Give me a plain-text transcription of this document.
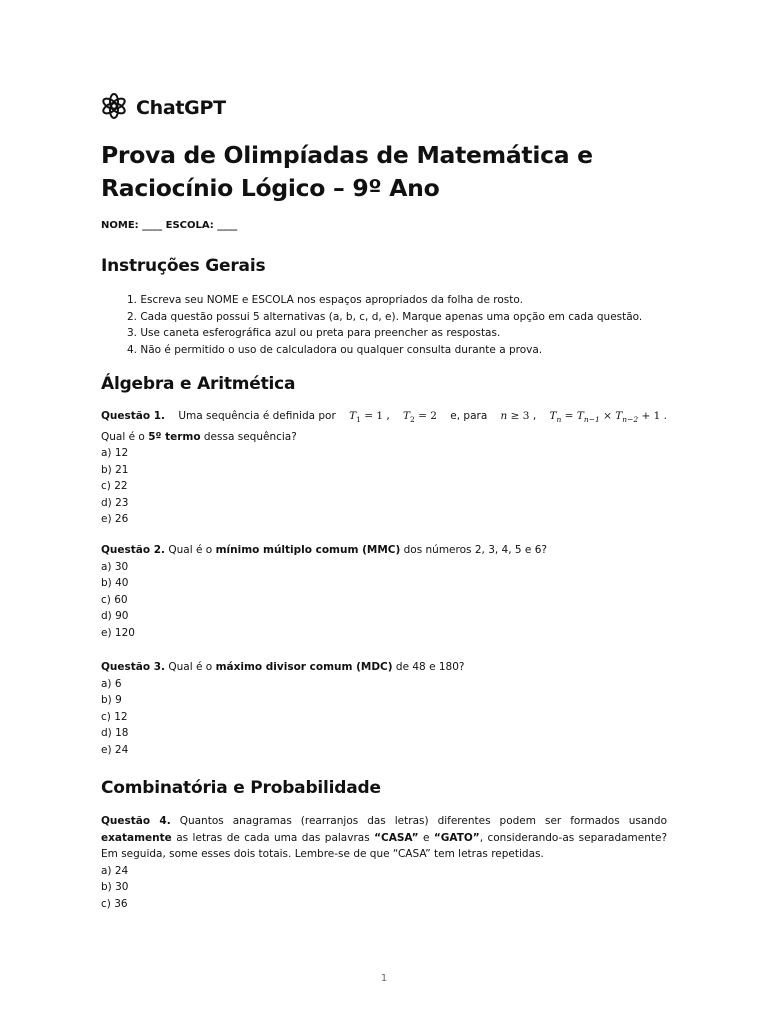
ChatGPT
Prova de Olimpíadas de Matemática e Raciocínio Lógico – 9º Ano
NOME: ____ ESCOLA: ____
Instruções Gerais
1. Escreva seu NOME e ESCOLA nos espaços apropriados da folha de rosto.
2. Cada questão possui 5 alternativas (a, b, c, d, e). Marque apenas uma opção em cada questão.
3. Use caneta esferográfica azul ou preta para preencher as respostas.
4. Não é permitido o uso de calculadora ou qualquer consulta durante a prova.
Álgebra e Aritmética

Questão 1. Uma sequência é definida por $T_1 = 1$ , $T_2 = 2$ e, para n ≥ 3 , $T_n = T_{n-1} \times T_{n-2} + 1$ .

Qual é o 5º termo dessa sequência?

a) 12
b) 21
c) 22
d) 23
e) 26

Questão 2. Qual é o mínimo múltiplo comum (MMC) dos números 2, 3, 4, 5 e 6?

a) 30
b) 40
c) 60
d) 90
e) 120

Questão 3. Qual é o máximo divisor comum (MDC) de 48 e 180?

a) 6
b) 9
c) 12
d) 18
e) 24
Combinatória e Probabilidade

Questão 4. Quantos anagramas (rearranjos das letras) diferentes podem ser formados usando exatamente as letras de cada uma das palavras “CASA” e “GATO”, considerando-as separadamente? Em seguida, some esses dois totais. Lembre-se de que “CASA” tem letras repetidas.

a) 24
b) 30
c) 36
1
